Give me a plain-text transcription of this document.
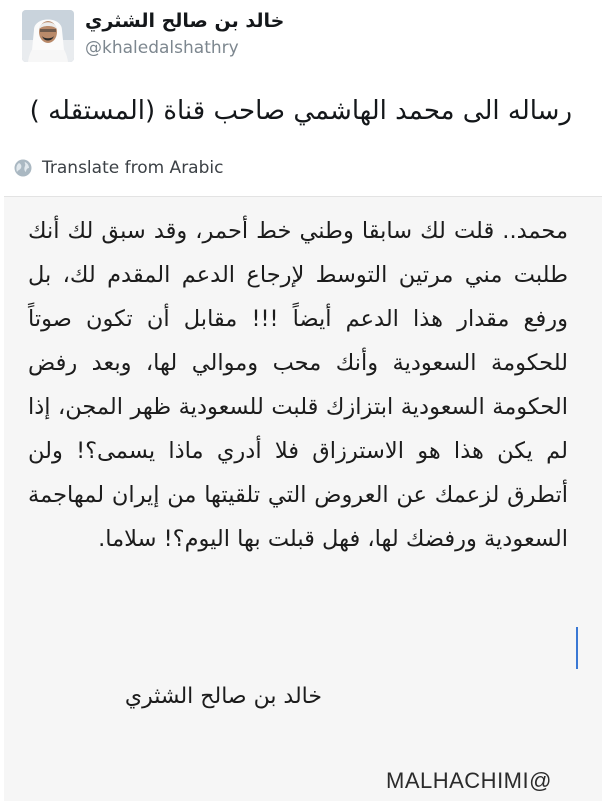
خالد بن صالح الشثري
@khaledalshathry
رساله الى محمد الهاشمي صاحب قناة (المستقله )
Translate from Arabic
محمد.. قلت لك سابقا وطني خط أحمر، وقد سبق لك أنك طلبت مني مرتين التوسط لإرجاع الدعم المقدم لك، بل ورفع مقدار هذا الدعم أيضاً !!! مقابل أن تكون صوتاً للحكومة السعودية وأنك محب وموالي لها، وبعد رفض الحكومة السعودية ابتزازك قلبت للسعودية ظهر المجن، إذا لم يكن هذا هو الاسترزاق فلا أدري ماذا يسمى؟! ولن أتطرق لزعمك عن العروض التي تلقيتها من إيران لمهاجمة السعودية ورفضك لها، فهل قبلت بها اليوم؟! سلاما.
خالد بن صالح الشثري
MALHACHIMI@
